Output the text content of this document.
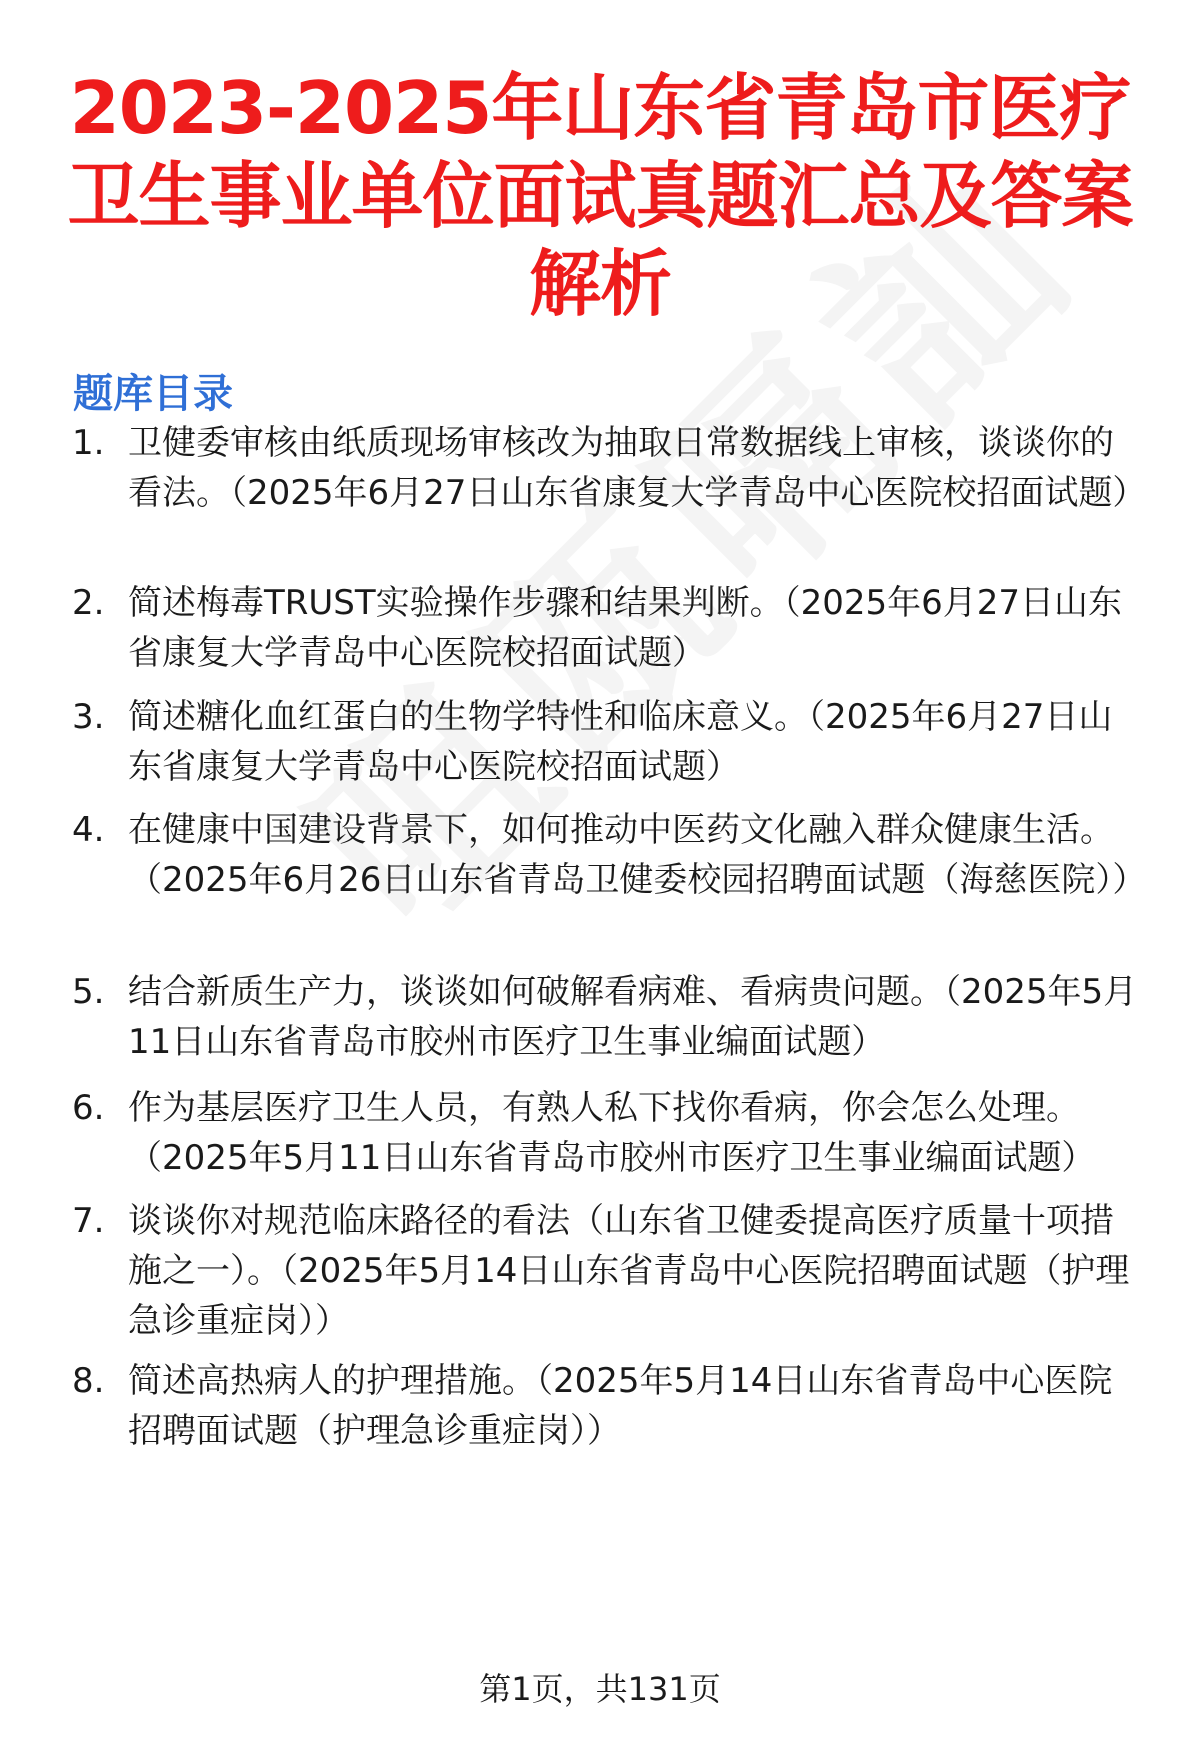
2023-2025年山东省青岛市医疗卫生事业单位面试真题汇总及答案解析
题库目录
1. 卫健委审核由纸质现场审核改为抽取日常数据线上审核，谈谈你的看法。（2025年6月27日山东省康复大学青岛中心医院校招面试题）
2. 简述梅毒TRUST实验操作步骤和结果判断。（2025年6月27日山东省康复大学青岛中心医院校招面试题）
3. 简述糖化血红蛋白的生物学特性和临床意义。（2025年6月27日山东省康复大学青岛中心医院校招面试题）
4. 在健康中国建设背景下，如何推动中医药文化融入群众健康生活。（2025年6月26日山东省青岛卫健委校园招聘面试题（海慈医院））
5. 结合新质生产力，谈谈如何破解看病难、看病贵问题。（2025年5月11日山东省青岛市胶州市医疗卫生事业编面试题）
6. 作为基层医疗卫生人员，有熟人私下找你看病，你会怎么处理。（2025年5月11日山东省青岛市胶州市医疗卫生事业编面试题）
7. 谈谈你对规范临床路径的看法（山东省卫健委提高医疗质量十项措施之一）。（2025年5月14日山东省青岛中心医院招聘面试题（护理急诊重症岗））
8. 简述高热病人的护理措施。（2025年5月14日山东省青岛中心医院招聘面试题（护理急诊重症岗））
第1页，共131页
